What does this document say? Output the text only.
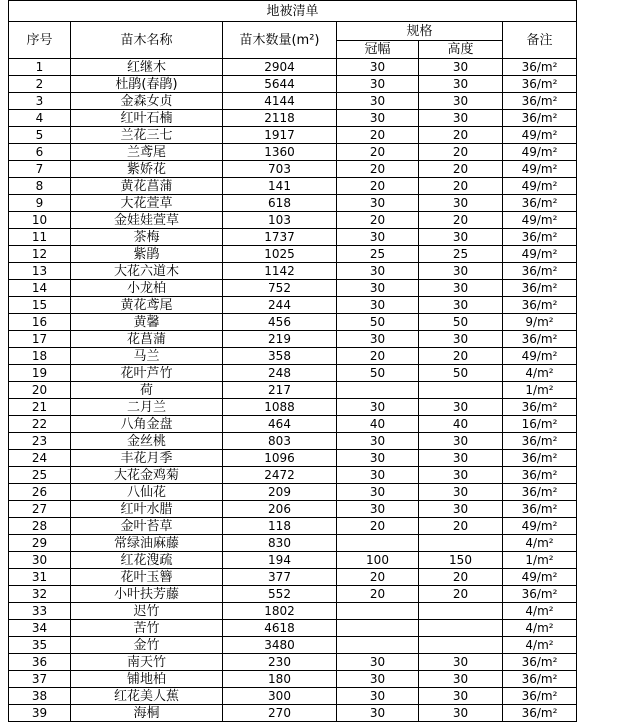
地被清单					
序号	苗木名称	苗木数量(m²)	规格		备注
			冠幅	高度	
1	红继木	2904	30	30	36/m²
2	杜鹃(春鹃)	5644	30	30	36/m²
3	金森女贞	4144	30	30	36/m²
4	红叶石楠	2118	30	30	36/m²
5	兰花三七	1917	20	20	49/m²
6	兰鸢尾	1360	20	20	49/m²
7	紫娇花	703	20	20	49/m²
8	黄花菖蒲	141	20	20	49/m²
9	大花萱草	618	30	30	36/m²
10	金娃娃萱草	103	20	20	49/m²
11	茶梅	1737	30	30	36/m²
12	紫鹃	1025	25	25	49/m²
13	大花六道木	1142	30	30	36/m²
14	小龙柏	752	30	30	36/m²
15	黄花鸢尾	244	30	30	36/m²
16	黄馨	456	50	50	9/m²
17	花菖蒲	219	30	30	36/m²
18	马兰	358	20	20	49/m²
19	花叶芦竹	248	50	50	4/m²
20	荷	217			1/m²
21	二月兰	1088	30	30	36/m²
22	八角金盘	464	40	40	16/m²
23	金丝桃	803	30	30	36/m²
24	丰花月季	1096	30	30	36/m²
25	大花金鸡菊	2472	30	30	36/m²
26	八仙花	209	30	30	36/m²
27	红叶水腊	206	30	30	36/m²
28	金叶苔草	118	20	20	49/m²
29	常绿油麻藤	830			4/m²
30	红花溲疏	194	100	150	1/m²
31	花叶玉簪	377	20	20	49/m²
32	小叶扶芳藤	552	20	20	36/m²
33	迟竹	1802			4/m²
34	苦竹	4618			4/m²
35	金竹	3480			4/m²
36	南天竹	230	30	30	36/m²
37	铺地柏	180	30	30	36/m²
38	红花美人蕉	300	30	30	36/m²
39	海桐	270	30	30	36/m²
